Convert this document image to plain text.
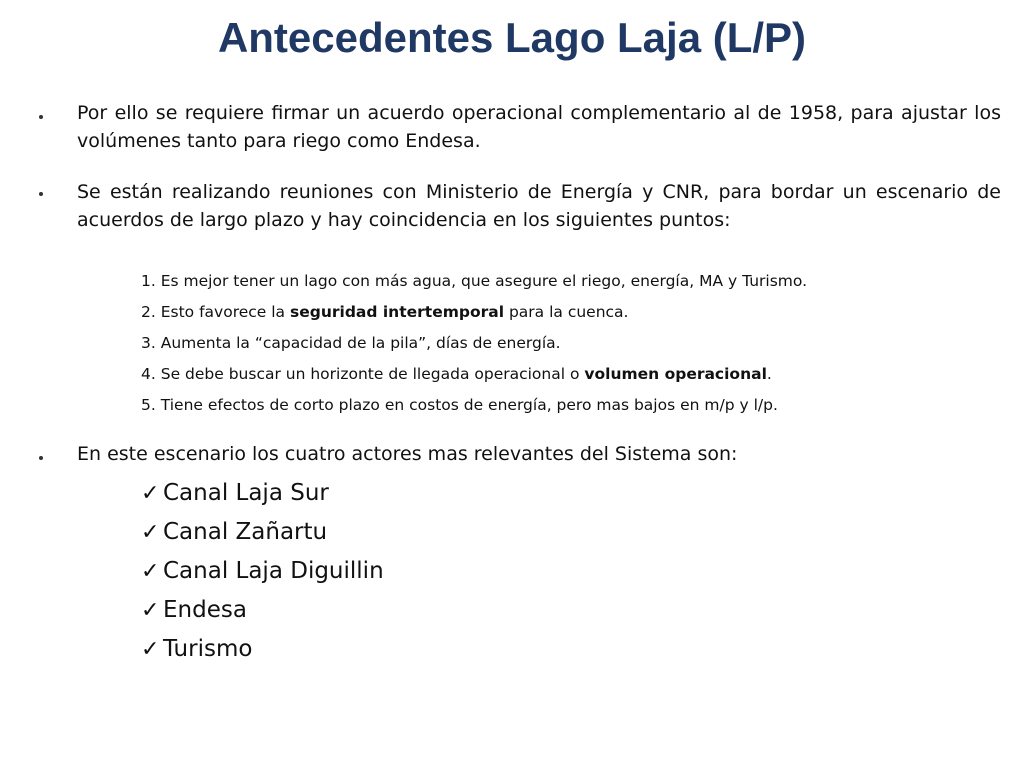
Antecedentes Lago Laja (L/P)
Por ello se requiere firmar un acuerdo operacional complementario al de 1958, para ajustar los volúmenes tanto para riego como Endesa.
Se están realizando reuniones con Ministerio de Energía y CNR, para bordar un escenario de acuerdos de largo plazo y hay coincidencia en los siguientes puntos:
1. Es mejor tener un lago con más agua, que asegure el riego, energía, MA y Turismo.
2. Esto favorece la seguridad intertemporal para la cuenca.
3. Aumenta la “capacidad de la pila”, días de energía.
4. Se debe buscar un horizonte de llegada operacional o volumen operacional.
5. Tiene efectos de corto plazo en costos de energía, pero mas bajos en m/p y l/p.
En este escenario los cuatro actores mas relevantes del Sistema son:
✓ Canal Laja Sur
✓ Canal Zañartu
✓ Canal Laja Diguillin
✓ Endesa
✓ Turismo
